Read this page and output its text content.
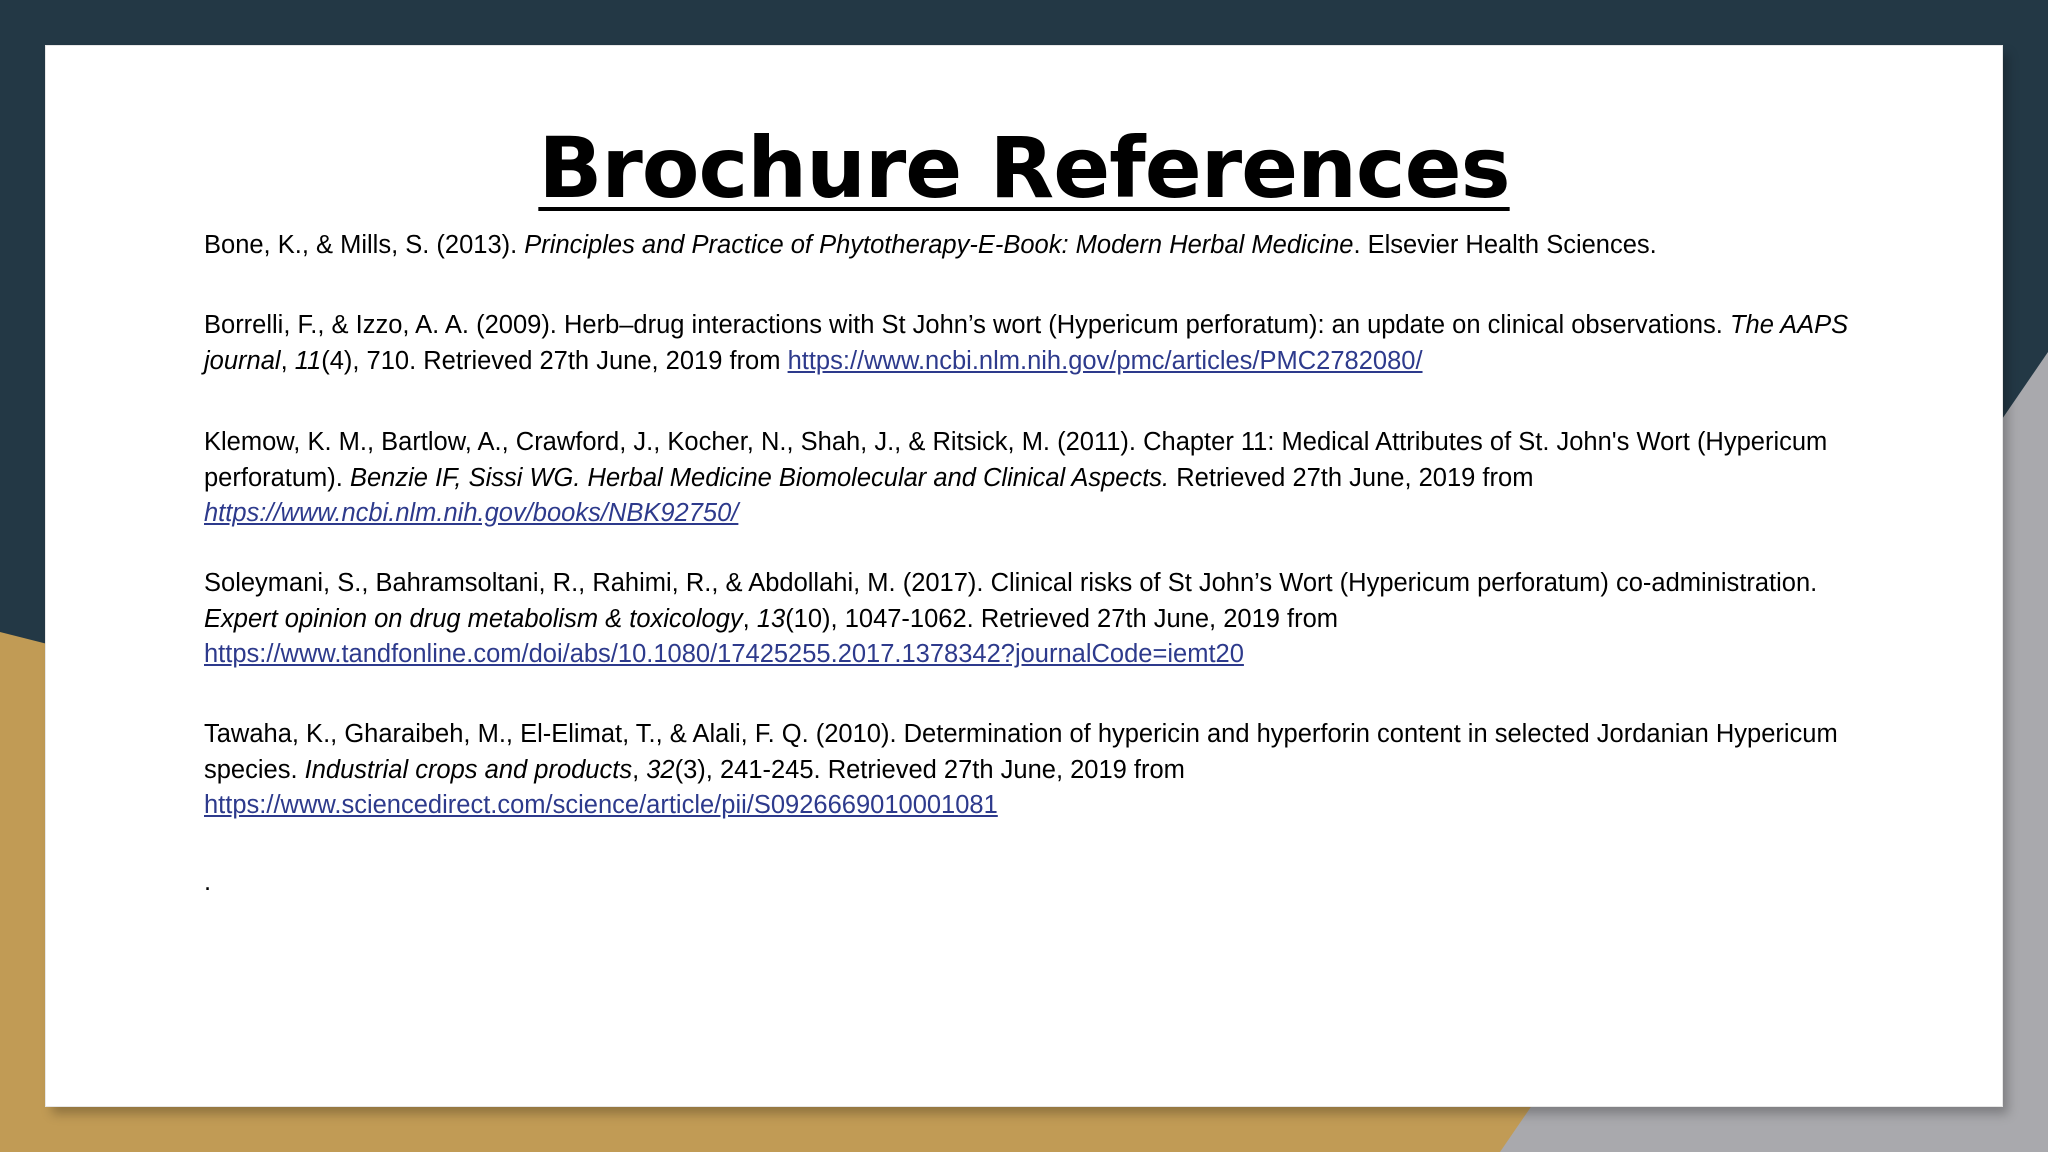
Brochure References

Bone, K., & Mills, S. (2013). Principles and Practice of Phytotherapy-E-Book: Modern Herbal Medicine. Elsevier Health Sciences.

Borrelli, F., & Izzo, A. A. (2009). Herb–drug interactions with St John’s wort (Hypericum perforatum): an update on clinical observations. The AAPS journal, 11(4), 710. Retrieved 27th June, 2019 from https://www.ncbi.nlm.nih.gov/pmc/articles/PMC2782080/

Klemow, K. M., Bartlow, A., Crawford, J., Kocher, N., Shah, J., & Ritsick, M. (2011). Chapter 11: Medical Attributes of St. John's Wort (Hypericum perforatum). Benzie IF, Sissi WG. Herbal Medicine Biomolecular and Clinical Aspects. Retrieved 27th June, 2019 from
https://www.ncbi.nlm.nih.gov/books/NBK92750/

Soleymani, S., Bahramsoltani, R., Rahimi, R., & Abdollahi, M. (2017). Clinical risks of St John’s Wort (Hypericum perforatum) co-administration. Expert opinion on drug metabolism & toxicology, 13(10), 1047-1062. Retrieved 27th June, 2019 from
https://www.tandfonline.com/doi/abs/10.1080/17425255.2017.1378342?journalCode=iemt20

Tawaha, K., Gharaibeh, M., El-Elimat, T., & Alali, F. Q. (2010). Determination of hypericin and hyperforin content in selected Jordanian Hypericum species. Industrial crops and products, 32(3), 241-245. Retrieved 27th June, 2019 from
https://www.sciencedirect.com/science/article/pii/S0926669010001081

.
